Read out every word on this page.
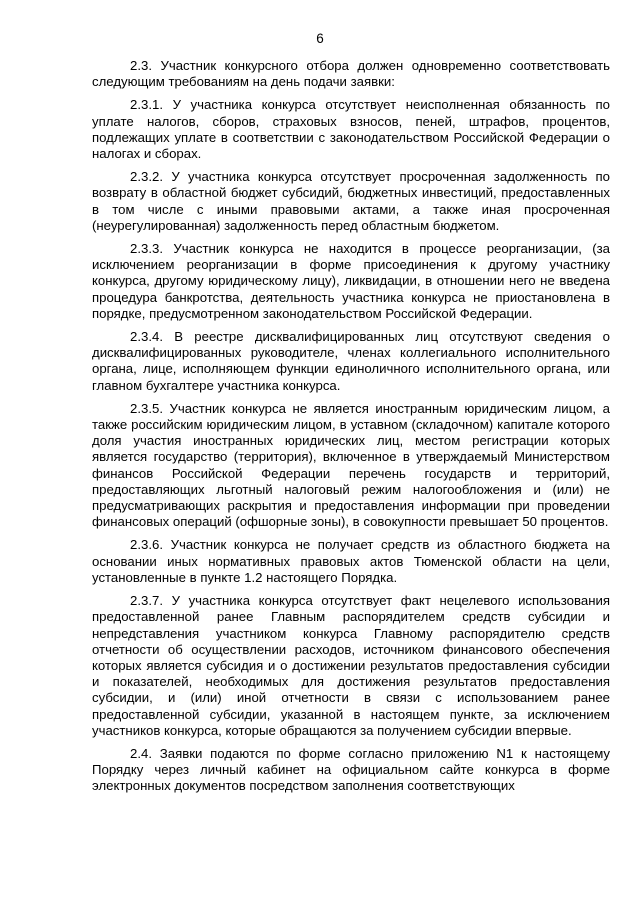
6

2.3. Участник конкурсного отбора должен одновременно соответствовать следующим требованиям на день подачи заявки:

2.3.1. У участника конкурса отсутствует неисполненная обязанность по уплате налогов, сборов, страховых взносов, пеней, штрафов, процентов, подлежащих уплате в соответствии с законодательством Российской Федерации о налогах и сборах.

2.3.2. У участника конкурса отсутствует просроченная задолженность по возврату в областной бюджет субсидий, бюджетных инвестиций, предоставленных в том числе с иными правовыми актами, а также иная просроченная (неурегулированная) задолженность перед областным бюджетом.

2.3.3. Участник конкурса не находится в процессе реорганизации, (за исключением реорганизации в форме присоединения к другому участнику конкурса, другому юридическому лицу), ликвидации, в отношении него не введена процедура банкротства, деятельность участника конкурса не приостановлена в порядке, предусмотренном законодательством Российской Федерации.

2.3.4. В реестре дисквалифицированных лиц отсутствуют сведения о дисквалифицированных руководителе, членах коллегиального исполнительного органа, лице, исполняющем функции единоличного исполнительного органа, или главном бухгалтере участника конкурса.

2.3.5. Участник конкурса не является иностранным юридическим лицом, а также российским юридическим лицом, в уставном (складочном) капитале которого доля участия иностранных юридических лиц, местом регистрации которых является государство (территория), включенное в утверждаемый Министерством финансов Российской Федерации перечень государств и территорий, предоставляющих льготный налоговый режим налогообложения и (или) не предусматривающих раскрытия и предоставления информации при проведении финансовых операций (офшорные зоны), в совокупности превышает 50 процентов.

2.3.6. Участник конкурса не получает средств из областного бюджета на основании иных нормативных правовых актов Тюменской области на цели, установленные в пункте 1.2 настоящего Порядка.

2.3.7. У участника конкурса отсутствует факт нецелевого использования предоставленной ранее Главным распорядителем средств субсидии и непредставления участником конкурса Главному распорядителю средств отчетности об осуществлении расходов, источником финансового обеспечения которых является субсидия и о достижении результатов предоставления субсидии и показателей, необходимых для достижения результатов предоставления субсидии, и (или) иной отчетности в связи с использованием ранее предоставленной субсидии, указанной в настоящем пункте, за исключением участников конкурса, которые обращаются за получением субсидии впервые.

2.4. Заявки подаются по форме согласно приложению N1 к настоящему Порядку через личный кабинет на официальном сайте конкурса в форме электронных документов посредством заполнения соответствующих
